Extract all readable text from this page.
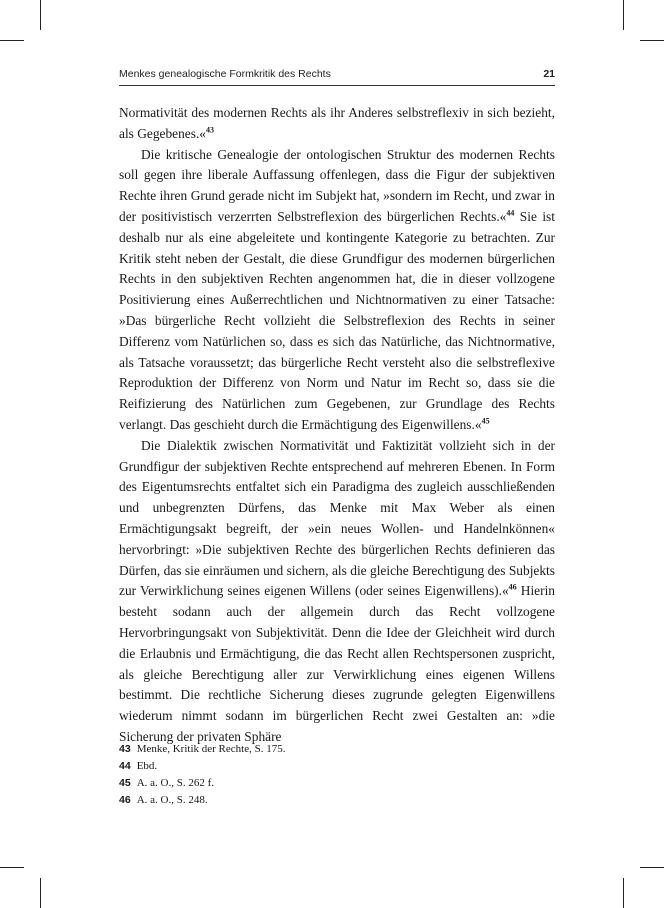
Menkes genealogische Formkritik des Rechts	21

Normativität des modernen Rechts als ihr Anderes selbstreflexiv in sich bezieht, als Gegebenes.«$^{43}$

Die kritische Genealogie der ontologischen Struktur des modernen Rechts soll gegen ihre liberale Auffassung offenlegen, dass die Figur der subjektiven Rechte ihren Grund gerade nicht im Subjekt hat, »sondern im Recht, und zwar in der positivistisch verzerrten Selbstreflexion des bürgerlichen Rechts.«$^{44}$ Sie ist deshalb nur als eine abgeleitete und kontingente Kategorie zu betrachten. Zur Kritik steht neben der Gestalt, die diese Grundfigur des modernen bürgerlichen Rechts in den subjektiven Rechten angenommen hat, die in dieser vollzogene Positivierung eines Außerrechtlichen und Nichtnormativen zu einer Tatsache: »Das bürgerliche Recht vollzieht die Selbstreflexion des Rechts in seiner Differenz vom Natürlichen so, dass es sich das Natürliche, das Nichtnormative, als Tatsache voraussetzt; das bürgerliche Recht versteht also die selbstreflexive Reproduktion der Differenz von Norm und Natur im Recht so, dass sie die Reifizierung des Natürlichen zum Gegebenen, zur Grundlage des Rechts verlangt. Das geschieht durch die Ermächtigung des Eigenwillens.«$^{45}$

Die Dialektik zwischen Normativität und Faktizität vollzieht sich in der Grundfigur der subjektiven Rechte entsprechend auf mehreren Ebenen. In Form des Eigentumsrechts entfaltet sich ein Paradigma des zugleich ausschließenden und unbegrenzten Dürfens, das Menke mit Max Weber als einen Ermächtigungsakt begreift, der »ein neues Wollen- und Handelnkönnen« hervorbringt: »Die subjektiven Rechte des bürgerlichen Rechts definieren das Dürfen, das sie einräumen und sichern, als die gleiche Berechtigung des Subjekts zur Verwirklichung seines eigenen Willens (oder seines Eigenwillens).«$^{46}$ Hierin besteht sodann auch der allgemein durch das Recht vollzogene Hervorbringungsakt von Subjektivität. Denn die Idee der Gleichheit wird durch die Erlaubnis und Ermächtigung, die das Recht allen Rechtspersonen zuspricht, als gleiche Berechtigung aller zur Verwirklichung eines eigenen Willens bestimmt. Die rechtliche Sicherung dieses zugrunde gelegten Eigenwillens wiederum nimmt sodann im bürgerlichen Recht zwei Gestalten an: »die Sicherung der privaten Sphäre

43 Menke, Kritik der Rechte, S. 175.
44 Ebd.
45 A. a. O., S. 262 f.
46 A. a. O., S. 248.
